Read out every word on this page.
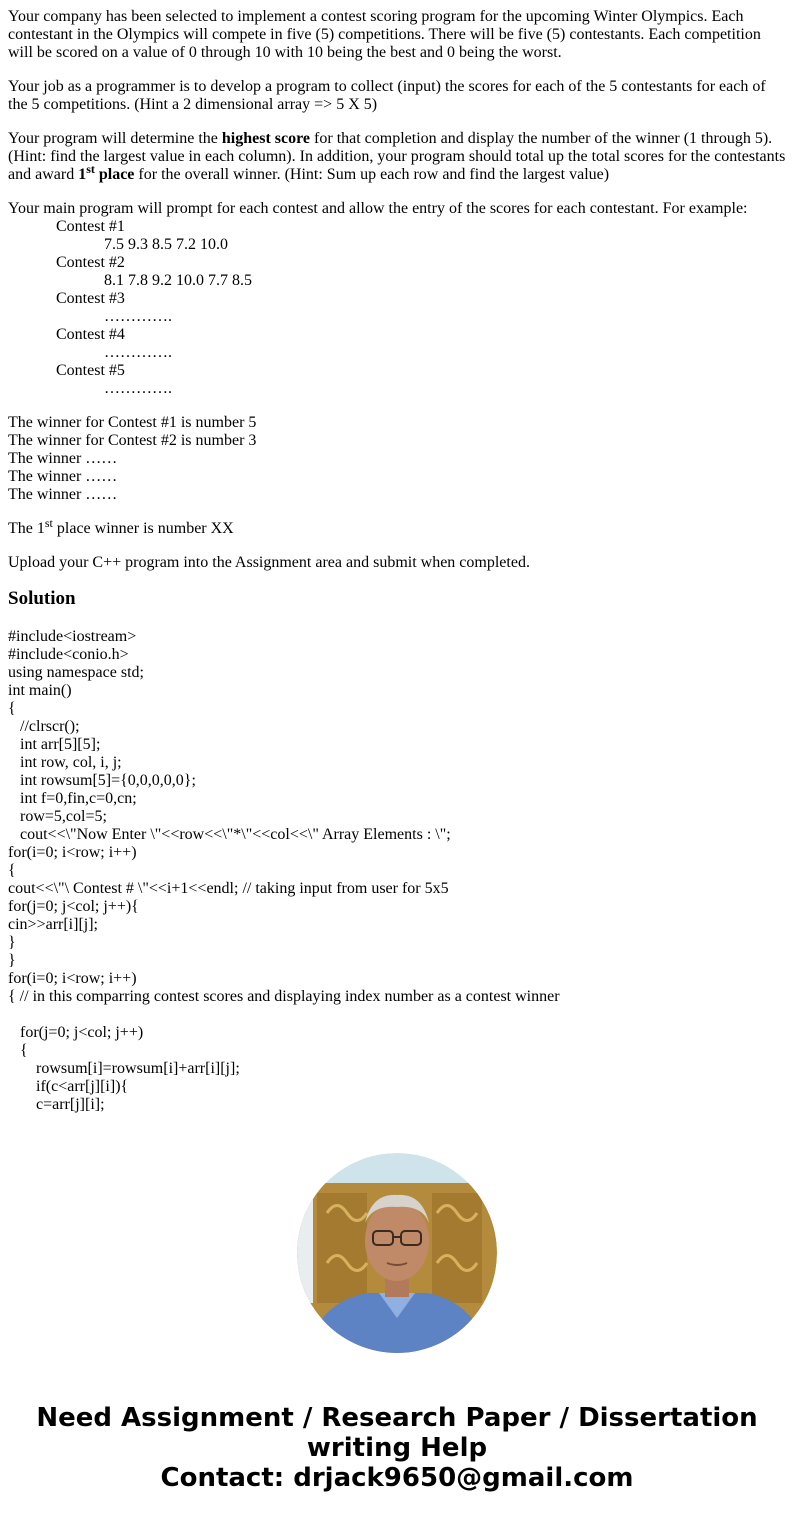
Your company has been selected to implement a contest scoring program for the upcoming Winter Olympics. Each contestant in the Olympics will compete in five (5) competitions. There will be five (5) contestants. Each competition will be scored on a value of 0 through 10 with 10 being the best and 0 being the worst.

Your job as a programmer is to develop a program to collect (input) the scores for each of the 5 contestants for each of the 5 competitions. (Hint a 2 dimensional array => 5 X 5)

Your program will determine the highest score for that completion and display the number of the winner (1 through 5). (Hint: find the largest value in each column). In addition, your program should total up the total scores for the contestants and award 1st place for the overall winner. (Hint: Sum up each row and find the largest value)

Your main program will prompt for each contest and allow the entry of the scores for each contestant. For example:
Contest #1
7.5 9.3 8.5 7.2 10.0
Contest #2
8.1 7.8 9.2 10.0 7.7 8.5
Contest #3
………….
Contest #4
………….
Contest #5
………….
The winner for Contest #1 is number 5
The winner for Contest #2 is number 3
The winner ……
The winner ……
The winner ……

The 1st place winner is number XX

Upload your C++ program into the Assignment area and submit when completed.

Solution
#include<iostream>
#include<conio.h>
using namespace std;
int main()
{
//clrscr();
int arr[5][5];
int row, col, i, j;
int rowsum[5]={0,0,0,0,0};
int f=0,fin,c=0,cn;
row=5,col=5;
cout<<\"Now Enter \"<<row<<\"*\"<<col<<\" Array Elements : \";
for(i=0; i<row; i++)
{
cout<<\"\ Contest # \"<<i+1<<endl; // taking input from user for 5x5
for(j=0; j<col; j++){
cin>>arr[i][j];
}
}
for(i=0; i<row; i++)
{ // in this comparring contest scores and displaying index number as a contest winner
for(j=0; j<col; j++)
{
rowsum[i]=rowsum[i]+arr[i][j];
if(c<arr[j][i]){
c=arr[j][i];
Need Assignment / Research Paper / Dissertation
writing Help
Contact: drjack9650@gmail.com
